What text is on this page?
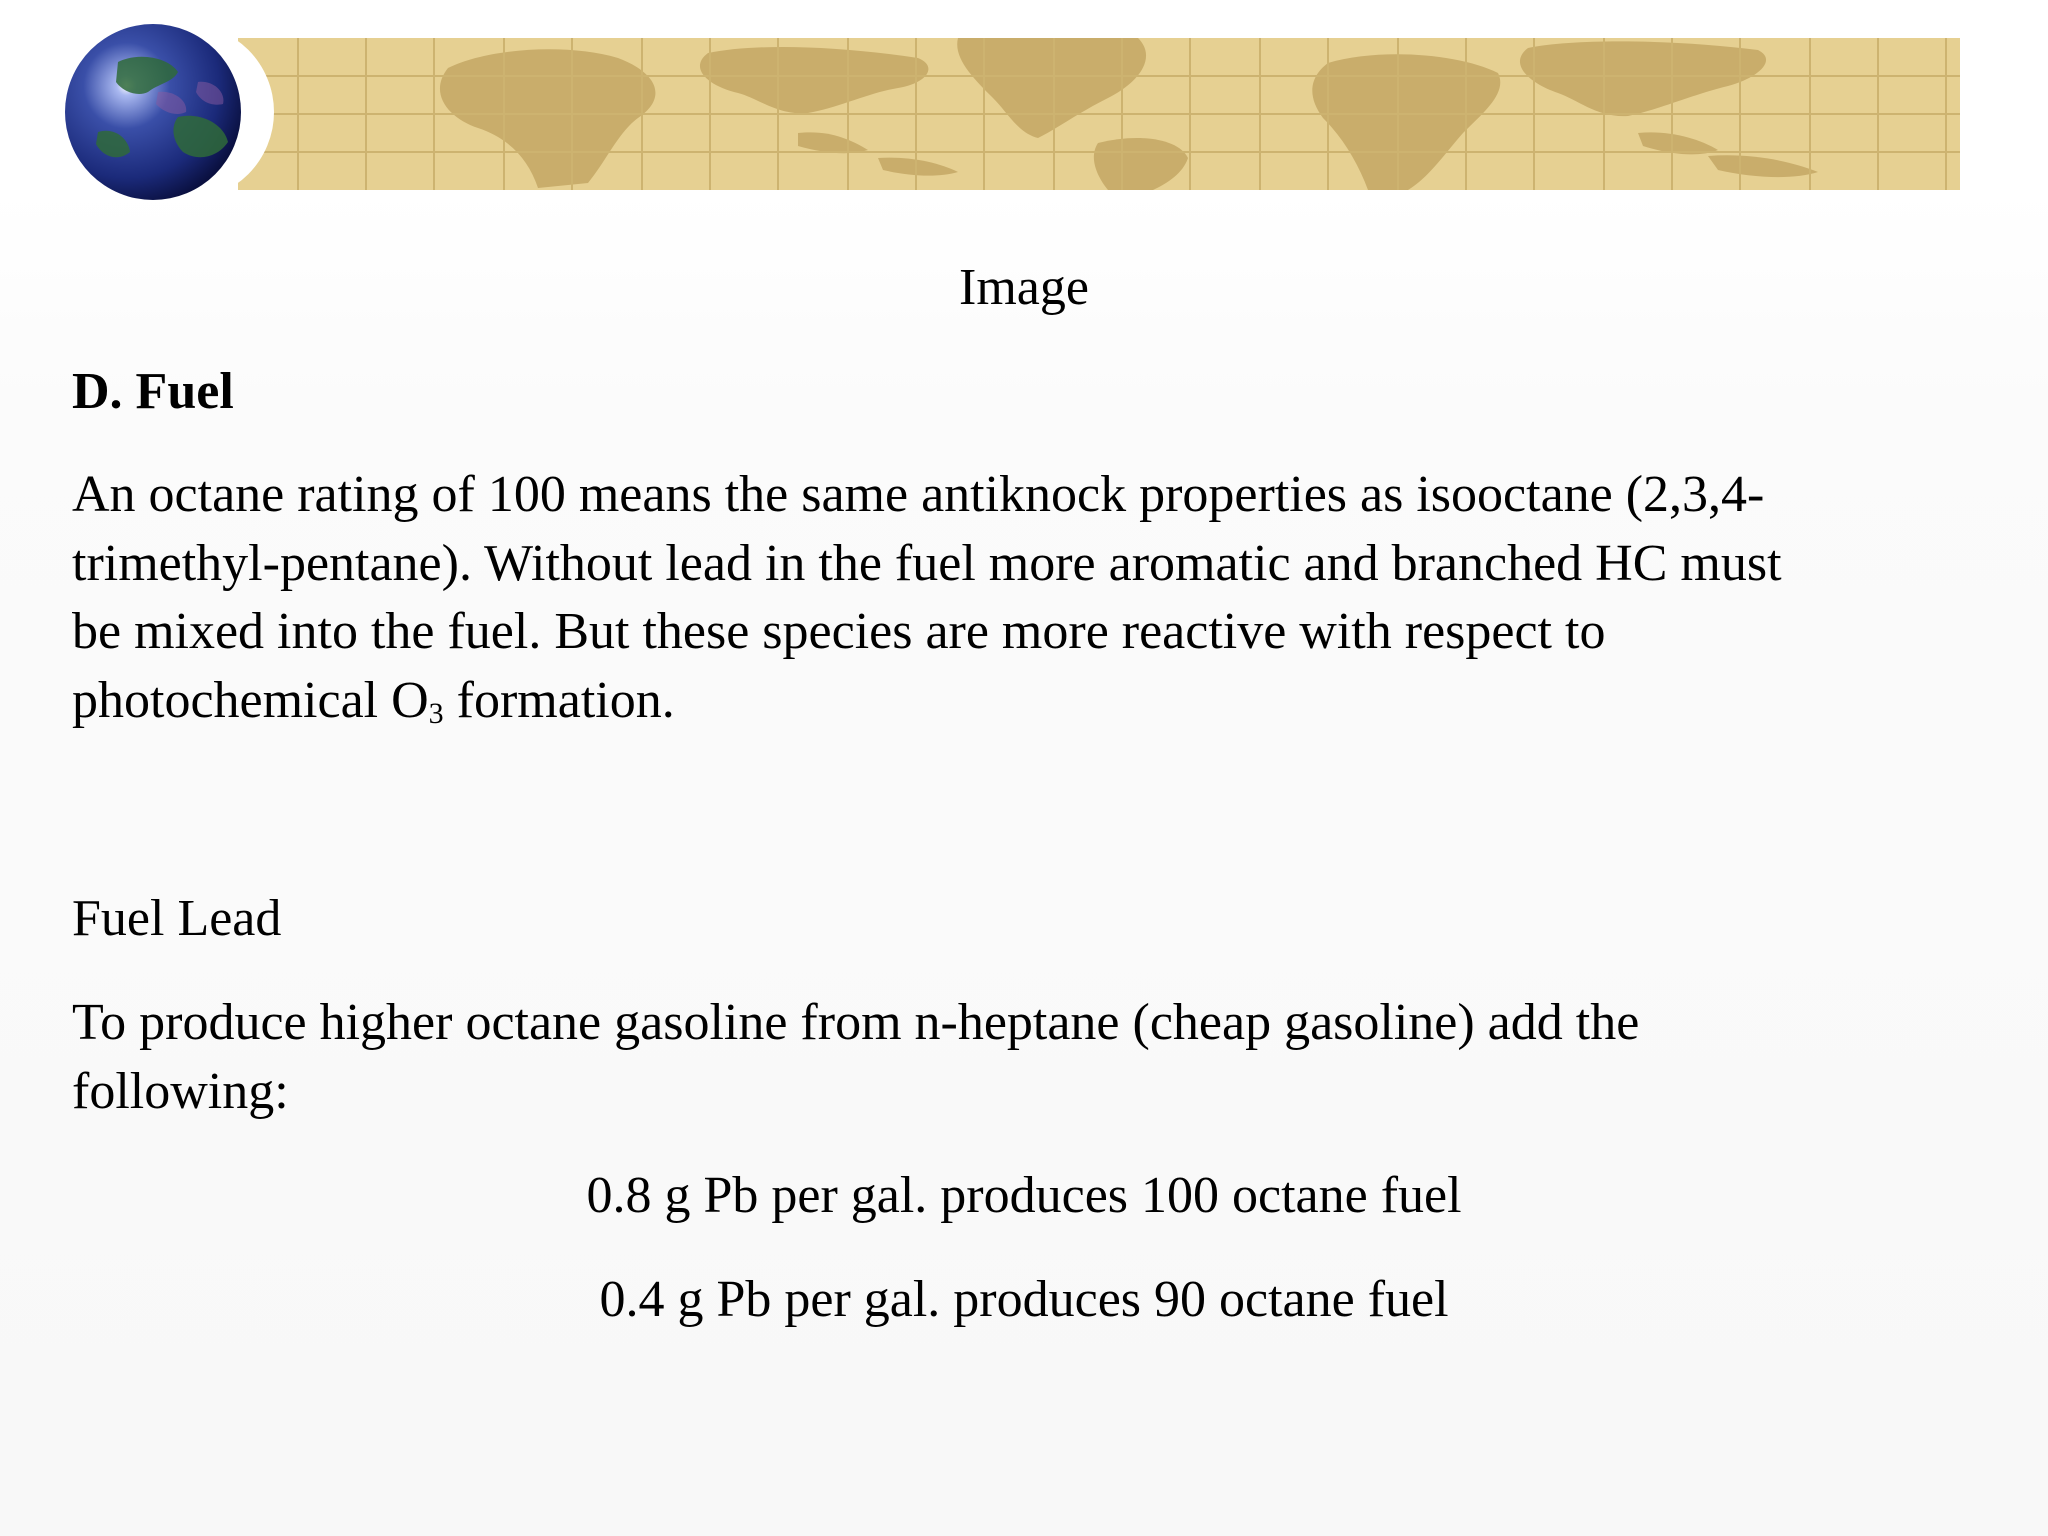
Image
D. Fuel
An octane rating of 100 means the same antiknock properties as isooctane (2,3,4-
trimethyl-pentane). Without lead in the fuel more aromatic and branched HC must
be mixed into the fuel. But these species are more reactive with respect to
photochemical $O_3$ formation.
Fuel Lead
To produce higher octane gasoline from n-heptane (cheap gasoline) add the
following:
0.8 g Pb per gal. produces 100 octane fuel
0.4 g Pb per gal. produces 90 octane fuel
